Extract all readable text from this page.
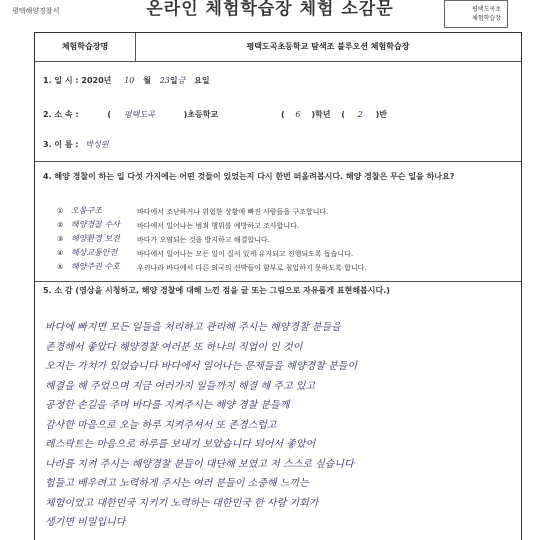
평택해양경찰서	온라인 체험학습장 체험 소감문	평택도곡초
체험학습장
체험학습장명	평택도곡초등학교 탐색조 블루오션 체험학습장
1. 일 시 : 2020년 10 월 23일금 요일
2. 소 속 :	( 평택도곡	)초등학교	( 6 )학년 ( 2 )반
3. 이 름 : 박성원
4. 해양 경찰이 하는 일 다섯 가지에는 어떤 것들이 있었는지 다시 한번 떠올려봅시다. 해양 경찰은 무슨 일을 하나요?
① 오몸구조	바다에서 조난하거나 위험한 상황에 빠진 사람들을 구조합니다.
② 해양경찰 수사	바다에서 일어나는 범죄 행위를 예방하고 조사합니다.
③ 해양환경 보전	바다가 오염되는 것을 방지하고 해결합니다.
④ 해상교통안전	바다에서 일어나는 모든 일이 질서 있게 유지되고 진행되도록 돕습니다.
⑤ 해양주권 수호	우리나라 바다에서 다른 외국의 선박들이 함부로 침입하지 못하도록 합니다.
5. 소 감 (영상을 시청하고, 해양 경찰에 대해 느낀 점을 글 또는 그림으로 자유롭게 표현해봅시다.)
바다에 빠지면 모든 일들을 처리하고 관리해 주시는 해양경찰 분들을
존경해서 좋았다 해양경찰 여러분 또 하나의 직업이 인 것이
오지는 가치가 있었습니다 바다에서 일어나는 문제들을 해양경찰 분들이
해결을 해 주었으며 지금 여러가지 일들까지 해결 해 주고 있고
공정한 손길을 주며 바다를 지켜주시는 해양 경찰 분들께
감사한 마음으로 오늘 하루 지켜주셔서 또 존경스럽고
레스팍트는 마음으로 하루를 보내기 보았습니다 되어서 좋았어
나라를 지켜 주시는 해양경찰 분들이 대단해 보였고 저 스스로 싶습니다
힘들고 배우려고 노력하게 주시는 여러 분들이 소중해 느끼는
체험이었고 대한민국 지키기 노력하는 대한민국 한 사람 기회가
생기면 비밀입니다
